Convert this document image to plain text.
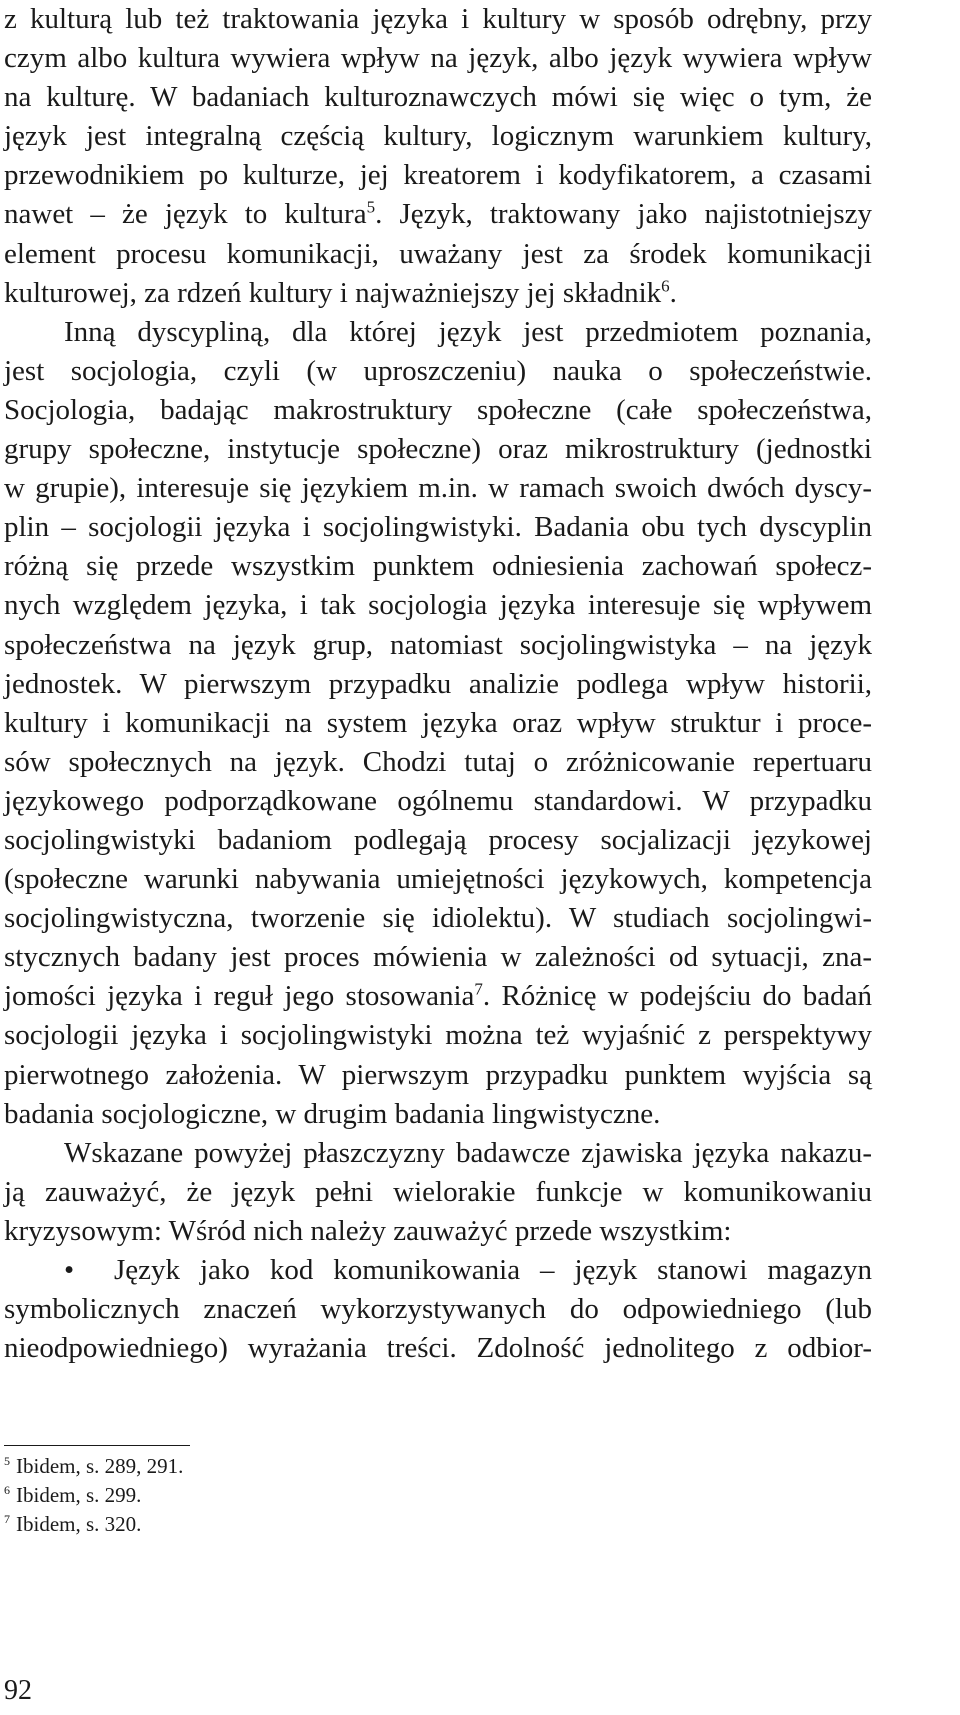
z kulturą lub też traktowania języka i kultury w sposób odrębny, przy
czym albo kultura wywiera wpływ na język, albo język wywiera wpływ
na kulturę. W badaniach kulturoznawczych mówi się więc o tym, że
język jest integralną częścią kultury, logicznym warunkiem kultury,
przewodnikiem po kulturze, jej kreatorem i kodyfikatorem, a czasami
nawet – że język to kultura$^5$. Język, traktowany jako najistotniejszy
element procesu komunikacji, uważany jest za środek komunikacji
kulturowej, za rdzeń kultury i najważniejszy jej składnik$^6$.
Inną dyscypliną, dla której język jest przedmiotem poznania,
jest socjologia, czyli (w uproszczeniu) nauka o społeczeństwie.
Socjologia, badając makrostruktury społeczne (całe społeczeństwa,
grupy społeczne, instytucje społeczne) oraz mikrostruktury (jednostki
w grupie), interesuje się językiem m.in. w ramach swoich dwóch dyscy-
plin – socjologii języka i socjolingwistyki. Badania obu tych dyscyplin
różną się przede wszystkim punktem odniesienia zachowań społecz-
nych względem języka, i tak socjologia języka interesuje się wpływem
społeczeństwa na język grup, natomiast socjolingwistyka – na język
jednostek. W pierwszym przypadku analizie podlega wpływ historii,
kultury i komunikacji na system języka oraz wpływ struktur i proce-
sów społecznych na język. Chodzi tutaj o zróżnicowanie repertuaru
językowego podporządkowane ogólnemu standardowi. W przypadku
socjolingwistyki badaniom podlegają procesy socjalizacji językowej
(społeczne warunki nabywania umiejętności językowych, kompetencja
socjolingwistyczna, tworzenie się idiolektu). W studiach socjolingwi-
stycznych badany jest proces mówienia w zależności od sytuacji, zna-
jomości języka i reguł jego stosowania$^7$. Różnicę w podejściu do badań
socjologii języka i socjolingwistyki można też wyjaśnić z perspektywy
pierwotnego założenia. W pierwszym przypadku punktem wyjścia są
badania socjologiczne, w drugim badania lingwistyczne.
Wskazane powyżej płaszczyzny badawcze zjawiska języka nakazu-
ją zauważyć, że język pełni wielorakie funkcje w komunikowaniu
kryzysowym: Wśród nich należy zauważyć przede wszystkim:
•  Język jako kod komunikowania – język stanowi magazyn
symbolicznych znaczeń wykorzystywanych do odpowiedniego (lub
nieodpowiedniego) wyrażania treści. Zdolność jednolitego z odbior-
$^5$ Ibidem, s. 289, 291.
$^6$ Ibidem, s. 299.
$^7$ Ibidem, s. 320.
92
